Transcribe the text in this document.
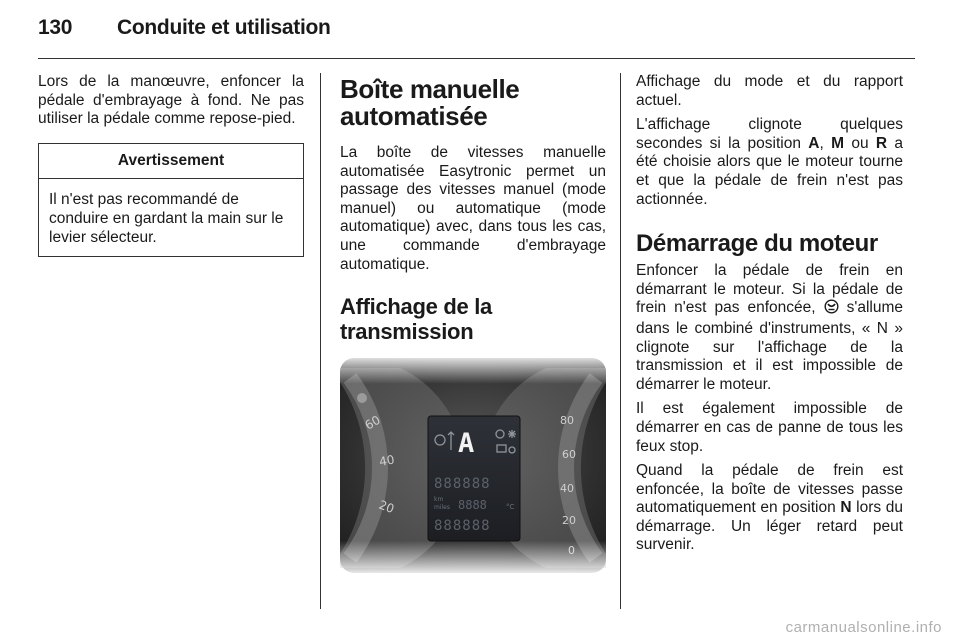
130 Conduite et utilisation

Lors de la manœuvre, enfoncer la pédale d'embrayage à fond. Ne pas utiliser la pédale comme repose-pied.

Avertissement
Il n'est pas recommandé de conduire en gardant la main sur le levier sélecteur.
Boîte manuelle automatisée

La boîte de vitesses manuelle automatisée Easytronic permet un passage des vitesses manuel (mode manuel) ou automatique (mode automatique) avec, dans tous les cas, une commande d'embrayage automatique.

Affichage de la transmission

Affichage du mode et du rapport actuel.

L'affichage clignote quelques secondes si la position A, M ou R a été choisie alors que le moteur tourne et que la pédale de frein n'est pas actionnée.

Démarrage du moteur

Enfoncer la pédale de frein en démarrant le moteur. Si la pédale de frein n'est pas enfoncée,  s'allume dans le combiné d'instruments, « N » clignote sur l'affichage de la transmission et il est impossible de démarrer le moteur.

Il est également impossible de démarrer en cas de panne de tous les feux stop.

Quand la pédale de frein est enfoncée, la boîte de vitesses passe automatiquement en position N lors du démarrage. Un léger retard peut survenir.

carmanualsonline.info
